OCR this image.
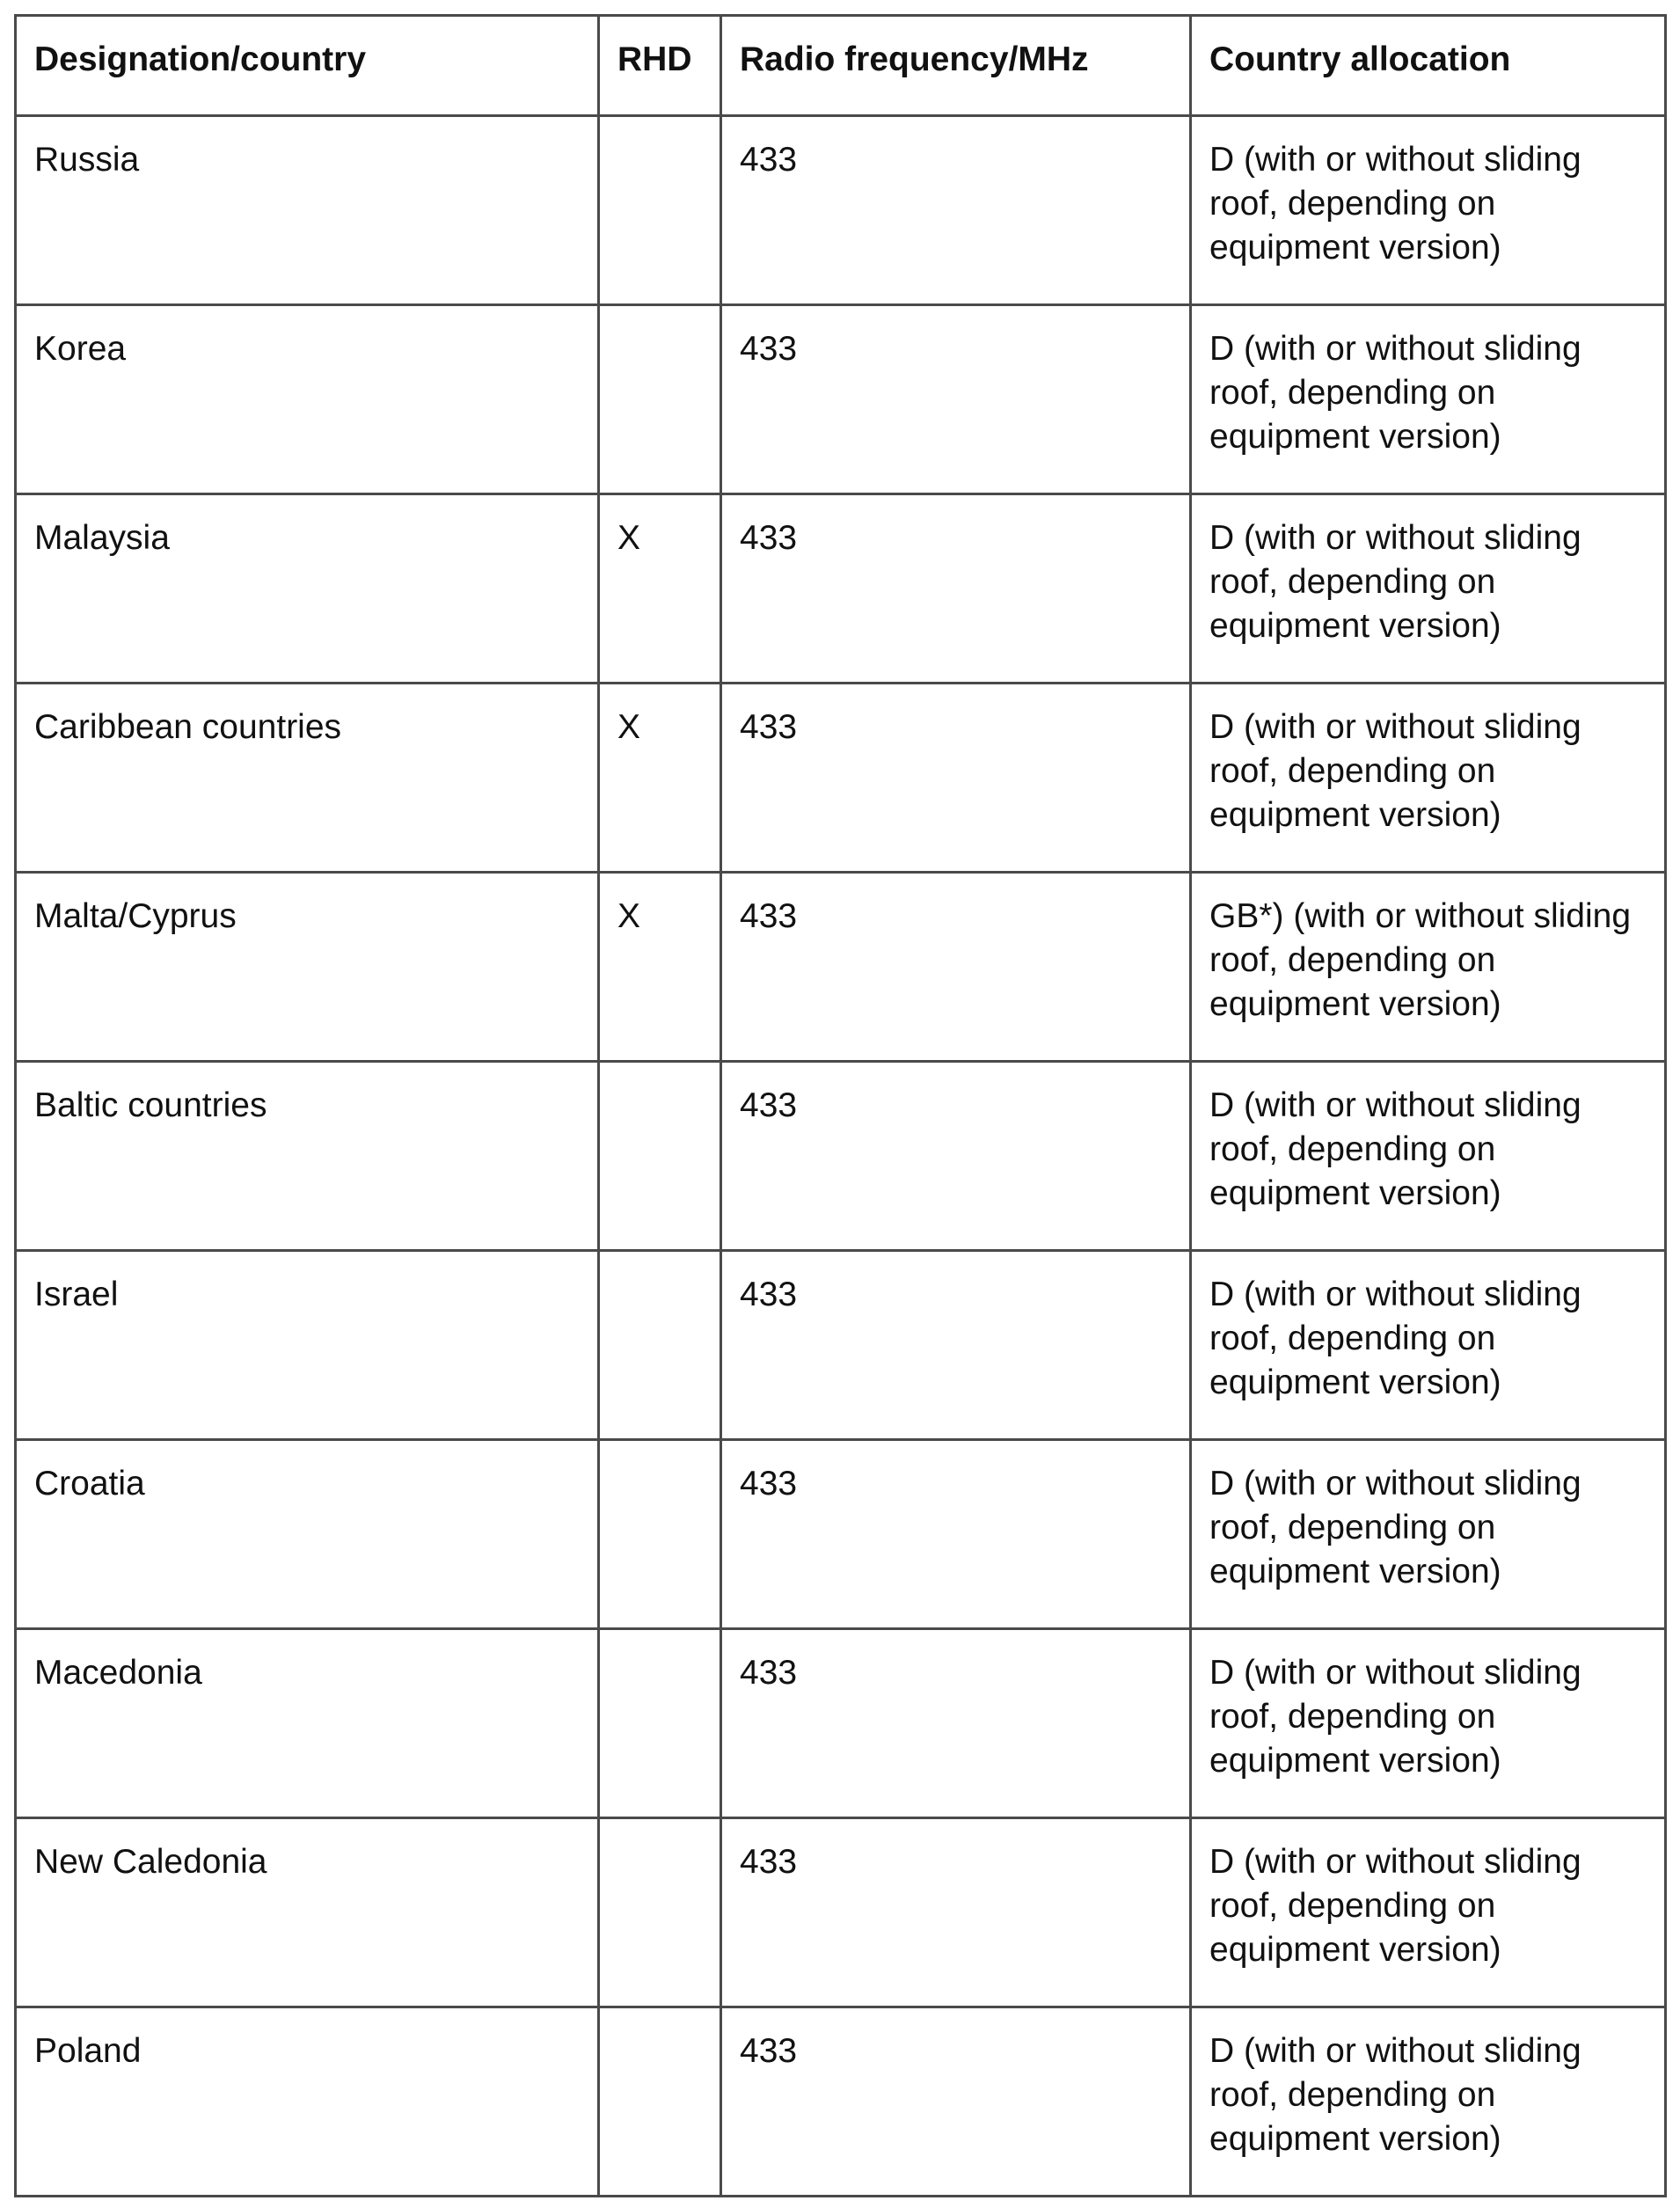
Designation/country	RHD	Radio frequency/MHz	Country allocation
Russia		433	D (with or without sliding roof, depending on equipment version)
Korea		433	D (with or without sliding roof, depending on equipment version)
Malaysia	X	433	D (with or without sliding roof, depending on equipment version)
Caribbean countries	X	433	D (with or without sliding roof, depending on equipment version)
Malta/Cyprus	X	433	GB*) (with or without sliding roof, depending on equipment version)
Baltic countries		433	D (with or without sliding roof, depending on equipment version)
Israel		433	D (with or without sliding roof, depending on equipment version)
Croatia		433	D (with or without sliding roof, depending on equipment version)
Macedonia		433	D (with or without sliding roof, depending on equipment version)
New Caledonia		433	D (with or without sliding roof, depending on equipment version)
Poland		433	D (with or without sliding roof, depending on equipment version)
